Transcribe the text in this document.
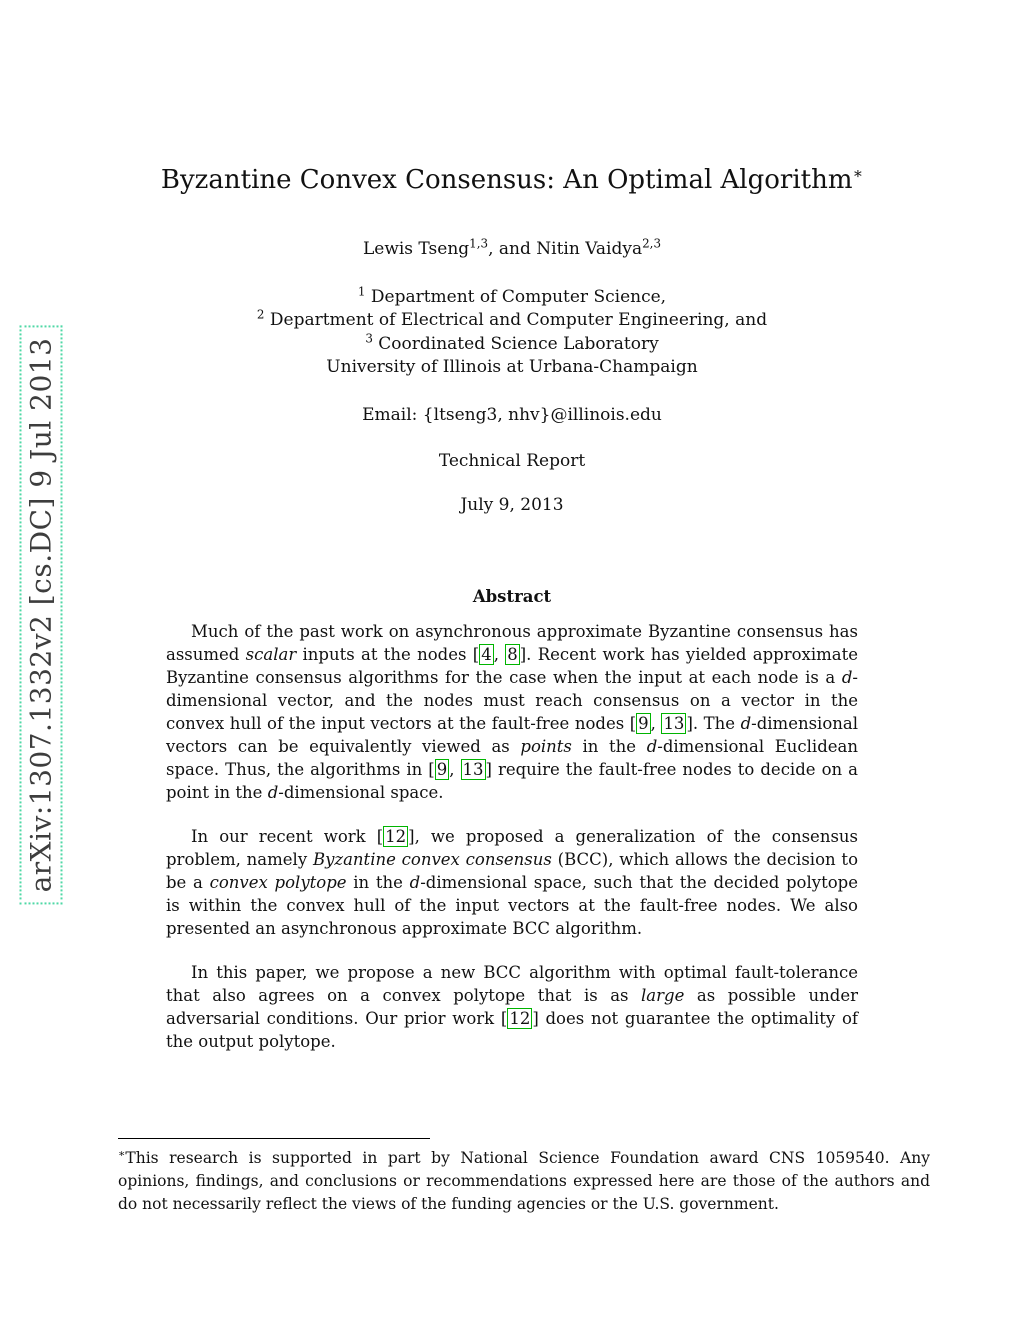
arXiv:1307.1332v2 [cs.DC] 9 Jul 2013
Byzantine Convex Consensus: An Optimal Algorithm∗
Lewis Tseng$^{1,3}$, and Nitin Vaidya$^{2,3}$
$^1$ Department of Computer Science,
$^2$ Department of Electrical and Computer Engineering, and
$^3$ Coordinated Science Laboratory
University of Illinois at Urbana-Champaign
Email: {ltseng3, nhv}@illinois.edu
Technical Report
July 9, 2013
Abstract

Much of the past work on asynchronous approximate Byzantine consensus has assumed scalar inputs at the nodes [ 4 , 8 ]. Recent work has yielded approximate Byzantine consensus algorithms for the case when the input at each node is a d-dimensional vector, and the nodes must reach consensus on a vector in the convex hull of the input vectors at the fault-free nodes [ 9 , 13 ]. The d-dimensional vectors can be equivalently viewed as points in the d-dimensional Euclidean space. Thus, the algorithms in [ 9 , 13 ] require the fault-free nodes to decide on a point in the d-dimensional space.

In our recent work [ 12 ], we proposed a generalization of the consensus problem, namely Byzantine convex consensus (BCC), which allows the decision to be a convex polytope in the d-dimensional space, such that the decided polytope is within the convex hull of the input vectors at the fault-free nodes. We also presented an asynchronous approximate BCC algorithm.

In this paper, we propose a new BCC algorithm with optimal fault-tolerance that also agrees on a convex polytope that is as large as possible under adversarial conditions. Our prior work [ 12 ] does not guarantee the optimality of the output polytope.

∗This research is supported in part by National Science Foundation award CNS 1059540. Any opinions, findings, and conclusions or recommendations expressed here are those of the authors and do not necessarily reflect the views of the funding agencies or the U.S. government.
